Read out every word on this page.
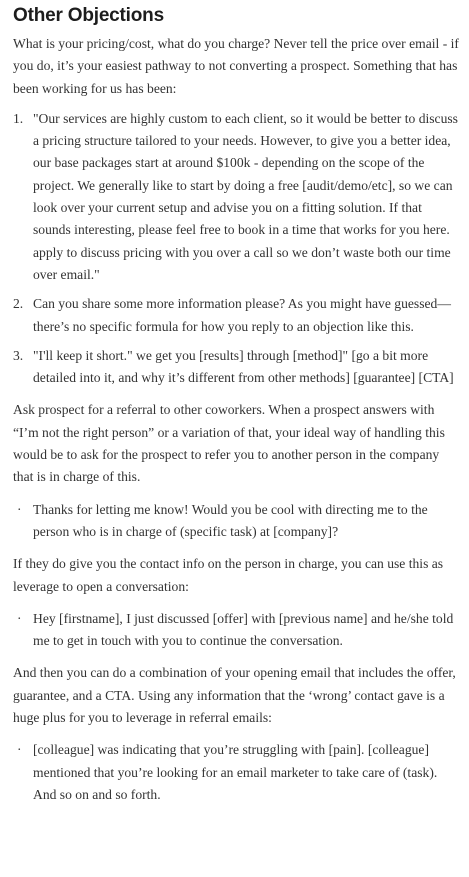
Other Objections

What is your pricing/cost, what do you charge? Never tell the price over email - if you do, it’s your easiest pathway to not converting a prospect. Something that has been working for us has been:

1. "Our services are highly custom to each client, so it would be better to discuss a pricing structure tailored to your needs. However, to give you a better idea, our base packages start at around $100k - depending on the scope of the project. We generally like to start by doing a free [audit/demo/etc], so we can look over your current setup and advise you on a fitting solution. If that sounds interesting, please feel free to book in a time that works for you here. apply to discuss pricing with you over a call so we don’t waste both our time over email."
2. Can you share some more information please? As you might have guessed—there’s no specific formula for how you reply to an objection like this.
3. "I'll keep it short." we get you [results] through [method]" [go a bit more detailed into it, and why it’s different from other methods] [guarantee] [CTA]

Ask prospect for a referral to other coworkers. When a prospect answers with “I’m not the right person” or a variation of that, your ideal way of handling this would be to ask for the prospect to refer you to another person in the company that is in charge of this.

· Thanks for letting me know! Would you be cool with directing me to the person who is in charge of (specific task) at [company]?

If they do give you the contact info on the person in charge, you can use this as leverage to open a conversation:

· Hey [firstname], I just discussed [offer] with [previous name] and he/she told me to get in touch with you to continue the conversation.

And then you can do a combination of your opening email that includes the offer, guarantee, and a CTA. Using any information that the ‘wrong’ contact gave is a huge plus for you to leverage in referral emails:

· [colleague] was indicating that you’re struggling with [pain]. [colleague] mentioned that you’re looking for an email marketer to take care of (task). And so on and so forth.
